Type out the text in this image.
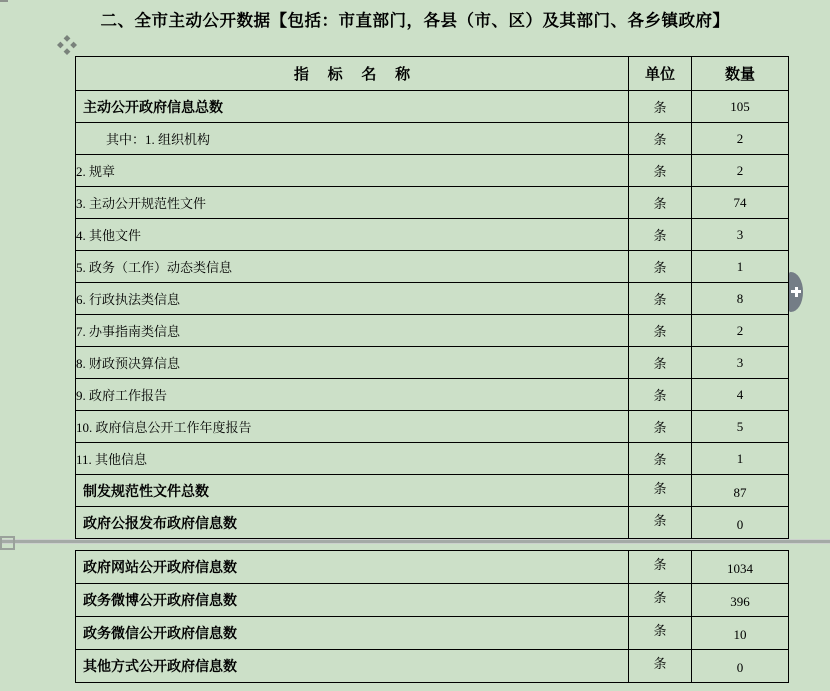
二、全市主动公开数据【包括：市直部门，各县（市、区）及其部门、各乡镇政府】
指　 标 　名 　称	单位	数量
主动公开政府信息总数	条	105
其中：1. 组织机构	条	2
2. 规章	条	2
3. 主动公开规范性文件	条	74
4. 其他文件	条	3
5. 政务（工作）动态类信息	条	1
6. 行政执法类信息	条	8
7. 办事指南类信息	条	2
8. 财政预决算信息	条	3
9. 政府工作报告	条	4
10. 政府信息公开工作年度报告	条	5
11. 其他信息	条	1
制发规范性文件总数	条	87
政府公报发布政府信息数	条	0
政府网站公开政府信息数	条	1034
政务微博公开政府信息数	条	396
政务微信公开政府信息数	条	10
其他方式公开政府信息数	条	0
